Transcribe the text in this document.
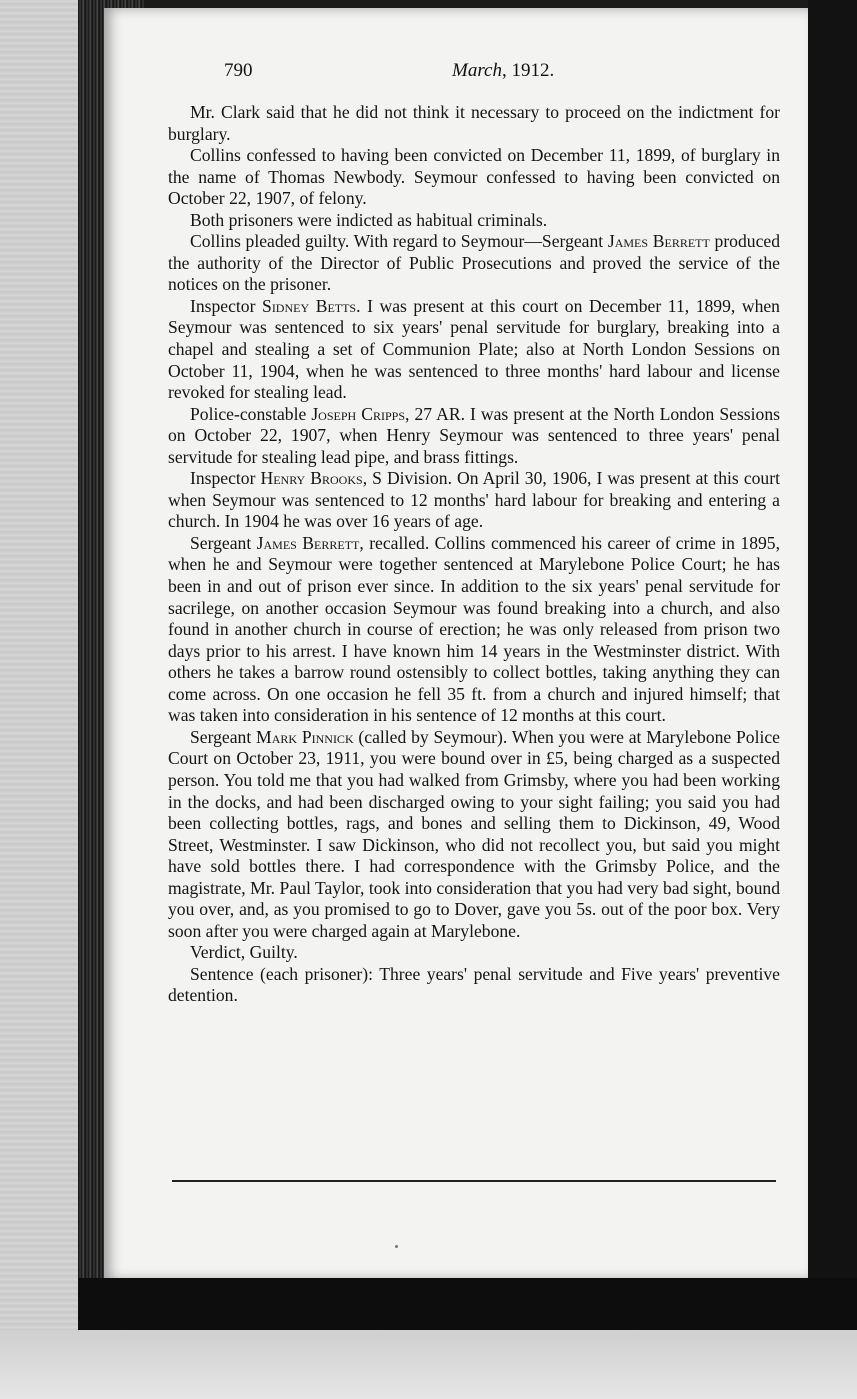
790	March, 1912.

Mr. Clark said that he did not think it necessary to proceed on the indictment for burglary.

Collins confessed to having been convicted on December 11, 1899, of burglary in the name of Thomas Newbody. Seymour confessed to having been convicted on October 22, 1907, of felony.

Both prisoners were indicted as habitual criminals.

Collins pleaded guilty. With regard to Seymour—Sergeant James Berrett produced the authority of the Director of Public Prosecutions and proved the service of the notices on the prisoner.

Inspector Sidney Betts. I was present at this court on December 11, 1899, when Seymour was sentenced to six years' penal servitude for burglary, breaking into a chapel and stealing a set of Communion Plate; also at North London Sessions on October 11, 1904, when he was sentenced to three months' hard labour and license revoked for stealing lead.

Police-constable Joseph Cripps, 27 AR. I was present at the North London Sessions on October 22, 1907, when Henry Seymour was sentenced to three years' penal servitude for stealing lead pipe, and brass fittings.

Inspector Henry Brooks, S Division. On April 30, 1906, I was present at this court when Seymour was sentenced to 12 months' hard labour for breaking and entering a church. In 1904 he was over 16 years of age.

Sergeant James Berrett, recalled. Collins commenced his career of crime in 1895, when he and Seymour were together sentenced at Marylebone Police Court; he has been in and out of prison ever since. In addition to the six years' penal servitude for sacrilege, on another occasion Seymour was found breaking into a church, and also found in another church in course of erection; he was only released from prison two days prior to his arrest. I have known him 14 years in the Westminster district. With others he takes a barrow round ostensibly to collect bottles, taking anything they can come across. On one occasion he fell 35 ft. from a church and injured himself; that was taken into consideration in his sentence of 12 months at this court.

Sergeant Mark Pinnick (called by Seymour). When you were at Marylebone Police Court on October 23, 1911, you were bound over in £5, being charged as a suspected person. You told me that you had walked from Grimsby, where you had been working in the docks, and had been discharged owing to your sight failing; you said you had been collecting bottles, rags, and bones and selling them to Dickinson, 49, Wood Street, Westminster. I saw Dickinson, who did not recollect you, but said you might have sold bottles there. I had correspondence with the Grimsby Police, and the magistrate, Mr. Paul Taylor, took into consideration that you had very bad sight, bound you over, and, as you promised to go to Dover, gave you 5s. out of the poor box. Very soon after you were charged again at Marylebone.

Verdict, Guilty.

Sentence (each prisoner): Three years' penal servitude and Five years' preventive detention.
